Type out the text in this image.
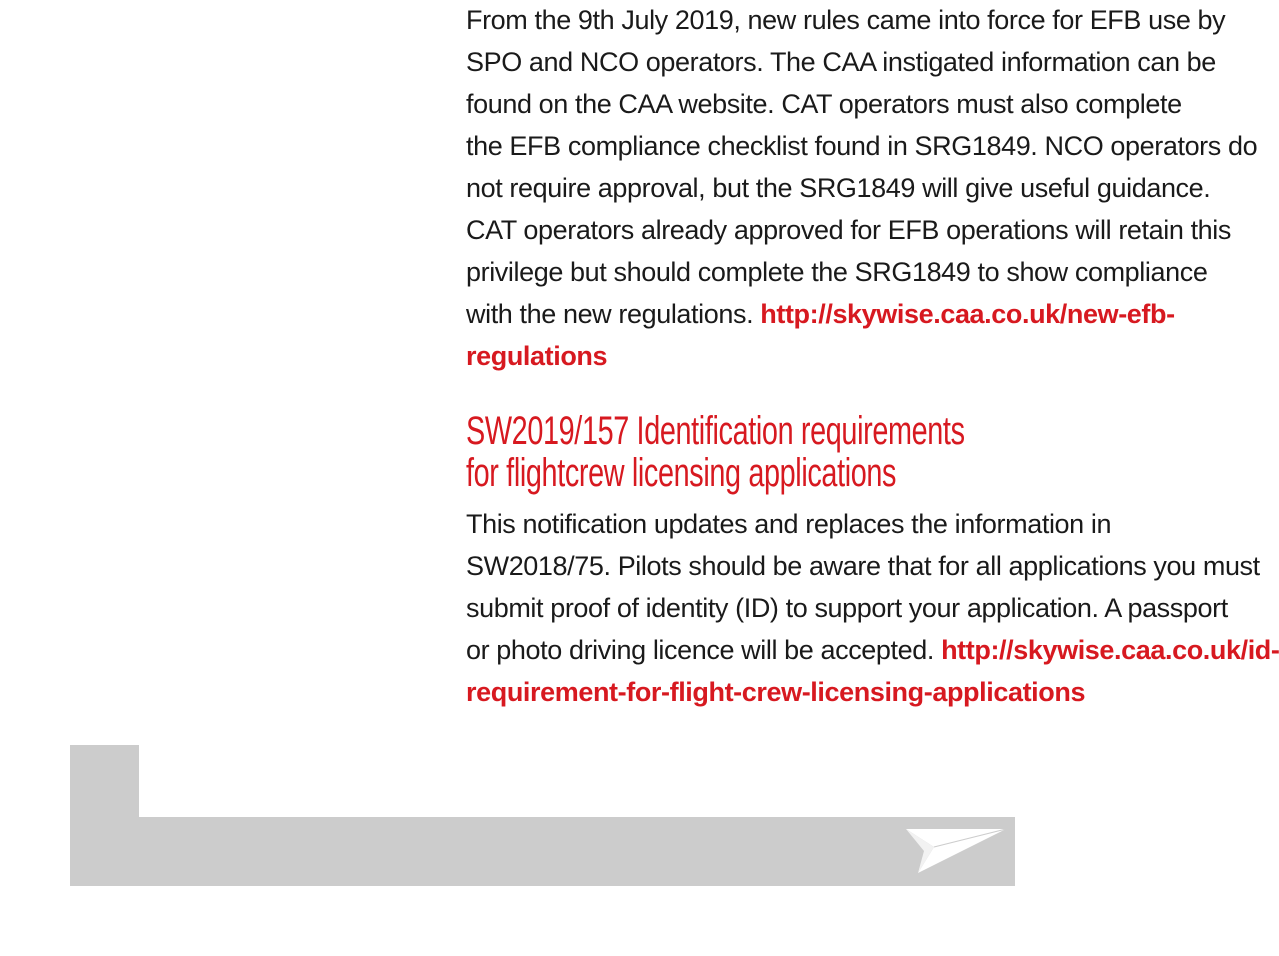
From the 9th July 2019, new rules came into force for EFB use by
SPO and NCO operators. The CAA instigated information can be
found on the CAA website. CAT operators must also complete
the EFB compliance checklist found in SRG1849. NCO operators do
not require approval, but the SRG1849 will give useful guidance.
CAT operators already approved for EFB operations will retain this
privilege but should complete the SRG1849 to show compliance
with the new regulations. http://skywise.caa.co.uk/new-efb-
regulations
SW2019/157 Identification requirements
for flightcrew licensing applications
This notification updates and replaces the information in
SW2018/75. Pilots should be aware that for all applications you must
submit proof of identity (ID) to support your application. A passport
or photo driving licence will be accepted. http://skywise.caa.co.uk/id-
requirement-for-flight-crew-licensing-applications
